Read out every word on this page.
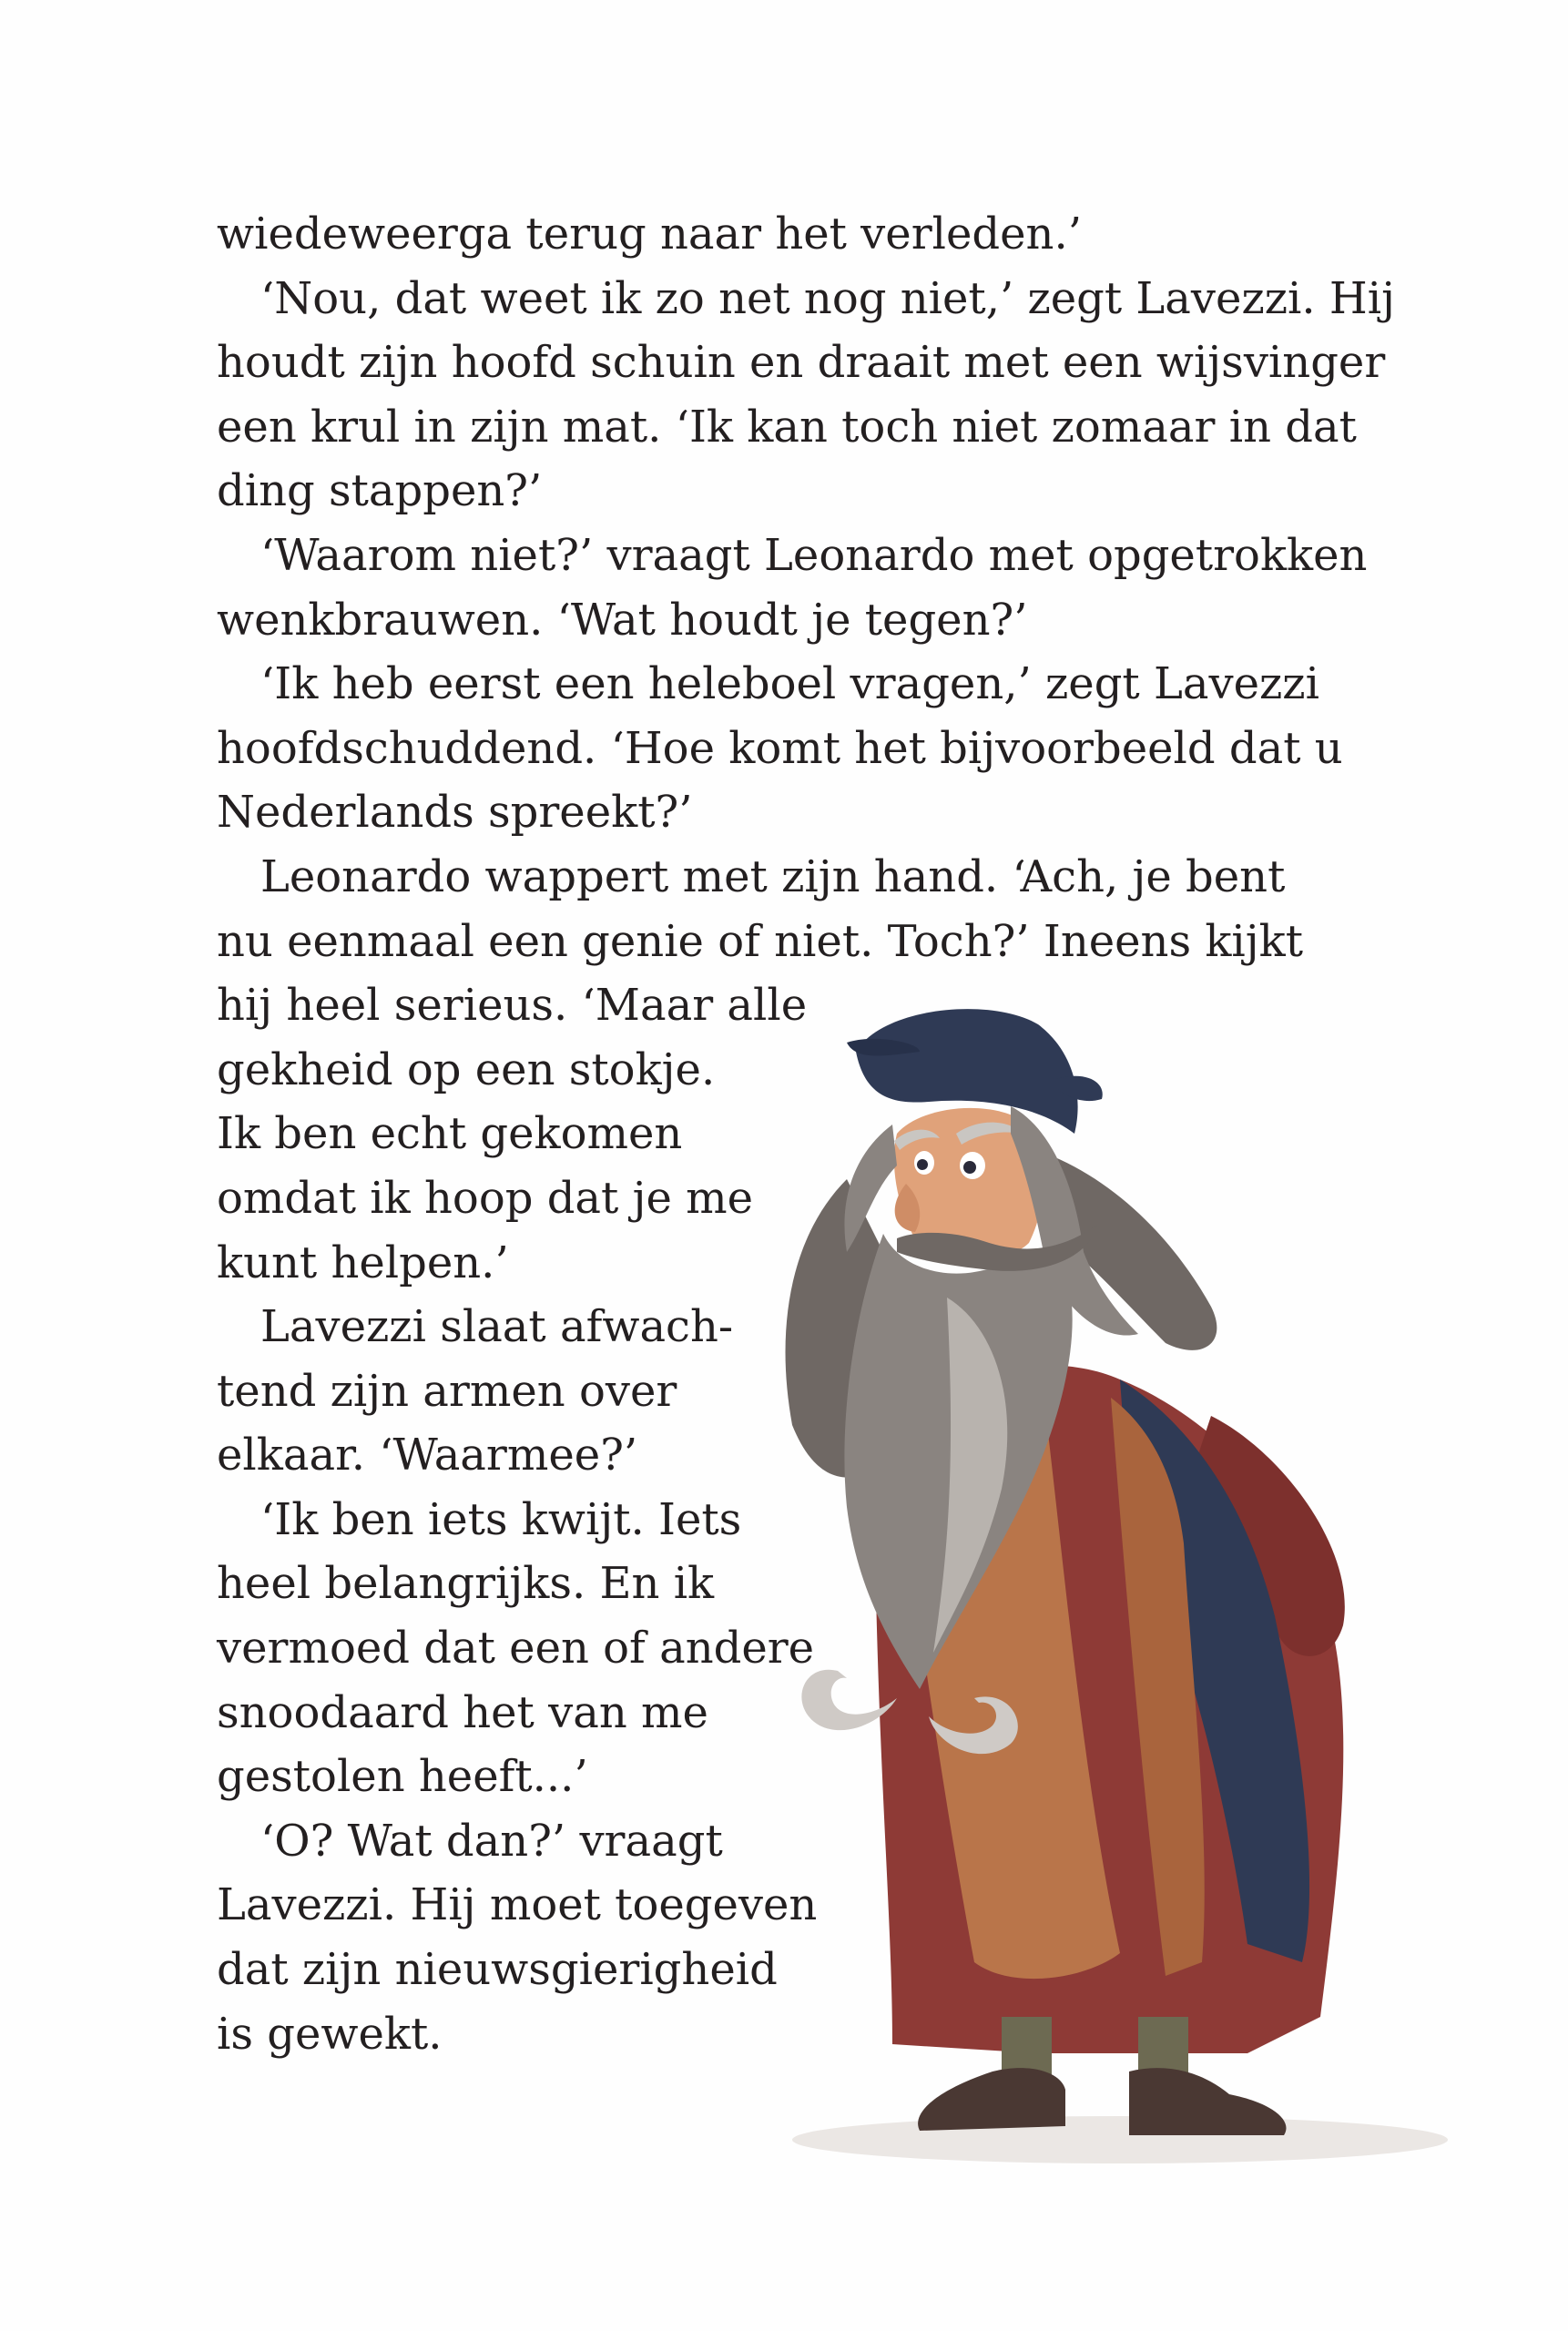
wiedeweerga terug naar het verleden.’
 ‘Nou, dat weet ik zo net nog niet,’ zegt Lavezzi. Hij
houdt zijn hoofd schuin en draait met een wijsvinger
een krul in zijn mat. ‘Ik kan toch niet zomaar in dat
ding stappen?’
 ‘Waarom niet?’ vraagt Leonardo met opgetrokken
wenkbrauwen. ‘Wat houdt je tegen?’
 ‘Ik heb eerst een heleboel vragen,’ zegt Lavezzi
hoofdschuddend. ‘Hoe komt het bijvoorbeeld dat u
Nederlands spreekt?’
 Leonardo wappert met zijn hand. ‘Ach, je bent
nu eenmaal een genie of niet. Toch?’ Ineens kijkt
hij heel serieus. ‘Maar alle
gekheid op een stokje.
Ik ben echt gekomen
omdat ik hoop dat je me
kunt helpen.’
 Lavezzi slaat afwach-
tend zijn armen over
elkaar. ‘Waarmee?’
 ‘Ik ben iets kwijt. Iets
heel belangrijks. En ik
vermoed dat een of andere
snoodaard het van me
gestolen heeft...’
 ‘O? Wat dan?’ vraagt
Lavezzi. Hij moet toegeven
dat zijn nieuwsgierigheid
is gewekt.
